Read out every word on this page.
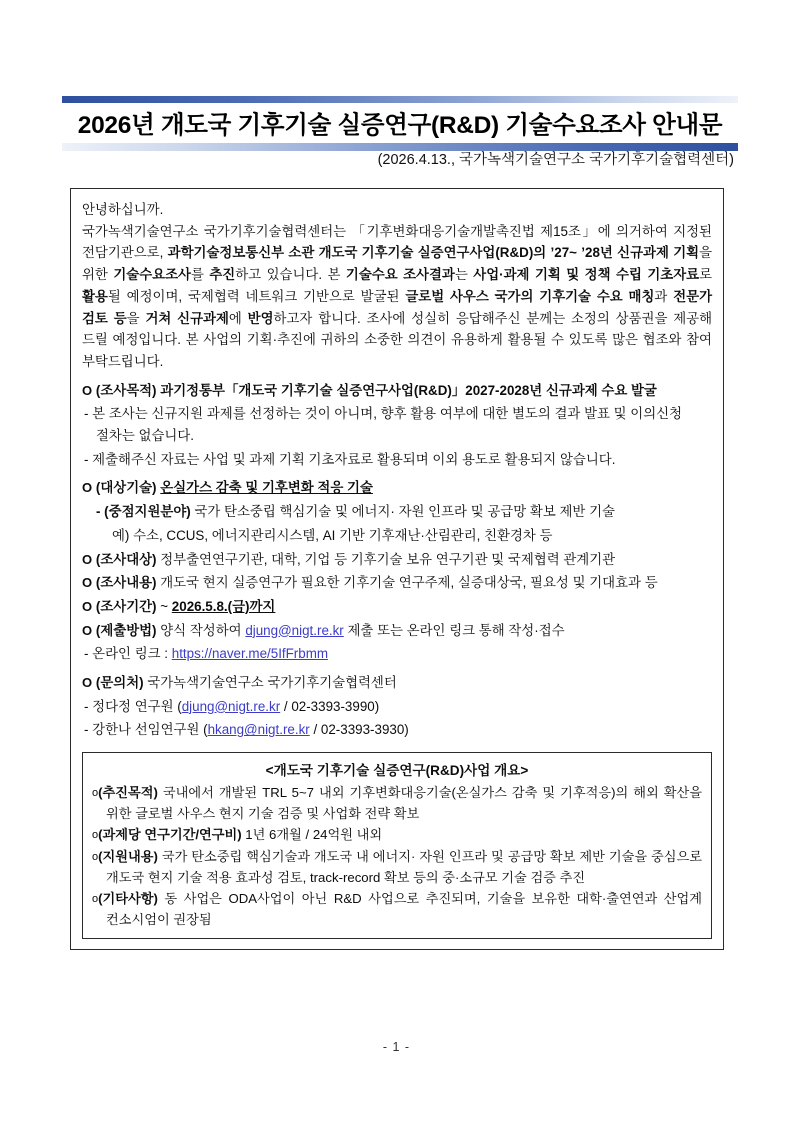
2026년 개도국 기후기술 실증연구(R&D) 기술수요조사 안내문
(2026.4.13., 국가녹색기술연구소 국가기후기술협력센터)
안녕하십니까.
국가녹색기술연구소 국가기후기술협력센터는 「기후변화대응기술개발촉진법 제15조」에 의거하여 지정된 전담기관으로, 과학기술정보통신부 소관 개도국 기후기술 실증연구사업(R&D)의 ’27~ ’28년 신규과제 기획을 위한 기술수요조사를 추진하고 있습니다. 본 기술수요 조사결과는 사업·과제 기획 및 정책 수립 기초자료로 활용될 예정이며, 국제협력 네트워크 기반으로 발굴된 글로벌 사우스 국가의 기후기술 수요 매칭과 전문가 검토 등을 거쳐 신규과제에 반영하고자 합니다. 조사에 성실히 응답해주신 분께는 소정의 상품권을 제공해 드릴 예정입니다. 본 사업의 기획·추진에 귀하의 소중한 의견이 유용하게 활용될 수 있도록 많은 협조와 참여 부탁드립니다.
O (조사목적) 과기정통부「개도국 기후기술 실증연구사업(R&D)」2027-2028년 신규과제 수요 발굴
- 본 조사는 신규지원 과제를 선정하는 것이 아니며, 향후 활용 여부에 대한 별도의 결과 발표 및 이의신청 절차는 없습니다.
- 제출해주신 자료는 사업 및 과제 기획 기초자료로 활용되며 이외 용도로 활용되지 않습니다.
O (대상기술) 온실가스 감축 및 기후변화 적응 기술
- (중점지원분야) 국가 탄소중립 핵심기술 및 에너지· 자원 인프라 및 공급망 확보 제반 기술
예) 수소, CCUS, 에너지관리시스템, AI 기반 기후재난·산림관리, 친환경차 등
O (조사대상) 정부출연연구기관, 대학, 기업 등 기후기술 보유 연구기관 및 국제협력 관계기관
O (조사내용) 개도국 현지 실증연구가 필요한 기후기술 연구주제, 실증대상국, 필요성 및 기대효과 등
O (조사기간) ~ 2026.5.8.(금)까지
O (제출방법) 양식 작성하여 djung@nigt.re.kr 제출 또는 온라인 링크 통해 작성·접수
- 온라인 링크 : https://naver.me/5IfFrbmm
O (문의처) 국가녹색기술연구소 국가기후기술협력센터
- 정다정 연구원 (djung@nigt.re.kr / 02-3393-3990)
- 강한나 선임연구원 (hkang@nigt.re.kr / 02-3393-3930)
<개도국 기후기술 실증연구(R&D)사업 개요>
o(추진목적) 국내에서 개발된 TRL 5~7 내외 기후변화대응기술(온실가스 감축 및 기후적응)의 해외 확산을 위한 글로벌 사우스 현지 기술 검증 및 사업화 전략 확보
o(과제당 연구기간/연구비) 1년 6개월 / 24억원 내외
o(지원내용) 국가 탄소중립 핵심기술과 개도국 내 에너지· 자원 인프라 및 공급망 확보 제반 기술을 중심으로 개도국 현지 기술 적용 효과성 검토, track-record 확보 등의 중·소규모 기술 검증 추진
o(기타사항) 동 사업은 ODA사업이 아닌 R&D 사업으로 추진되며, 기술을 보유한 대학·출연연과 산업계 컨소시엄이 권장됨
- 1 -
